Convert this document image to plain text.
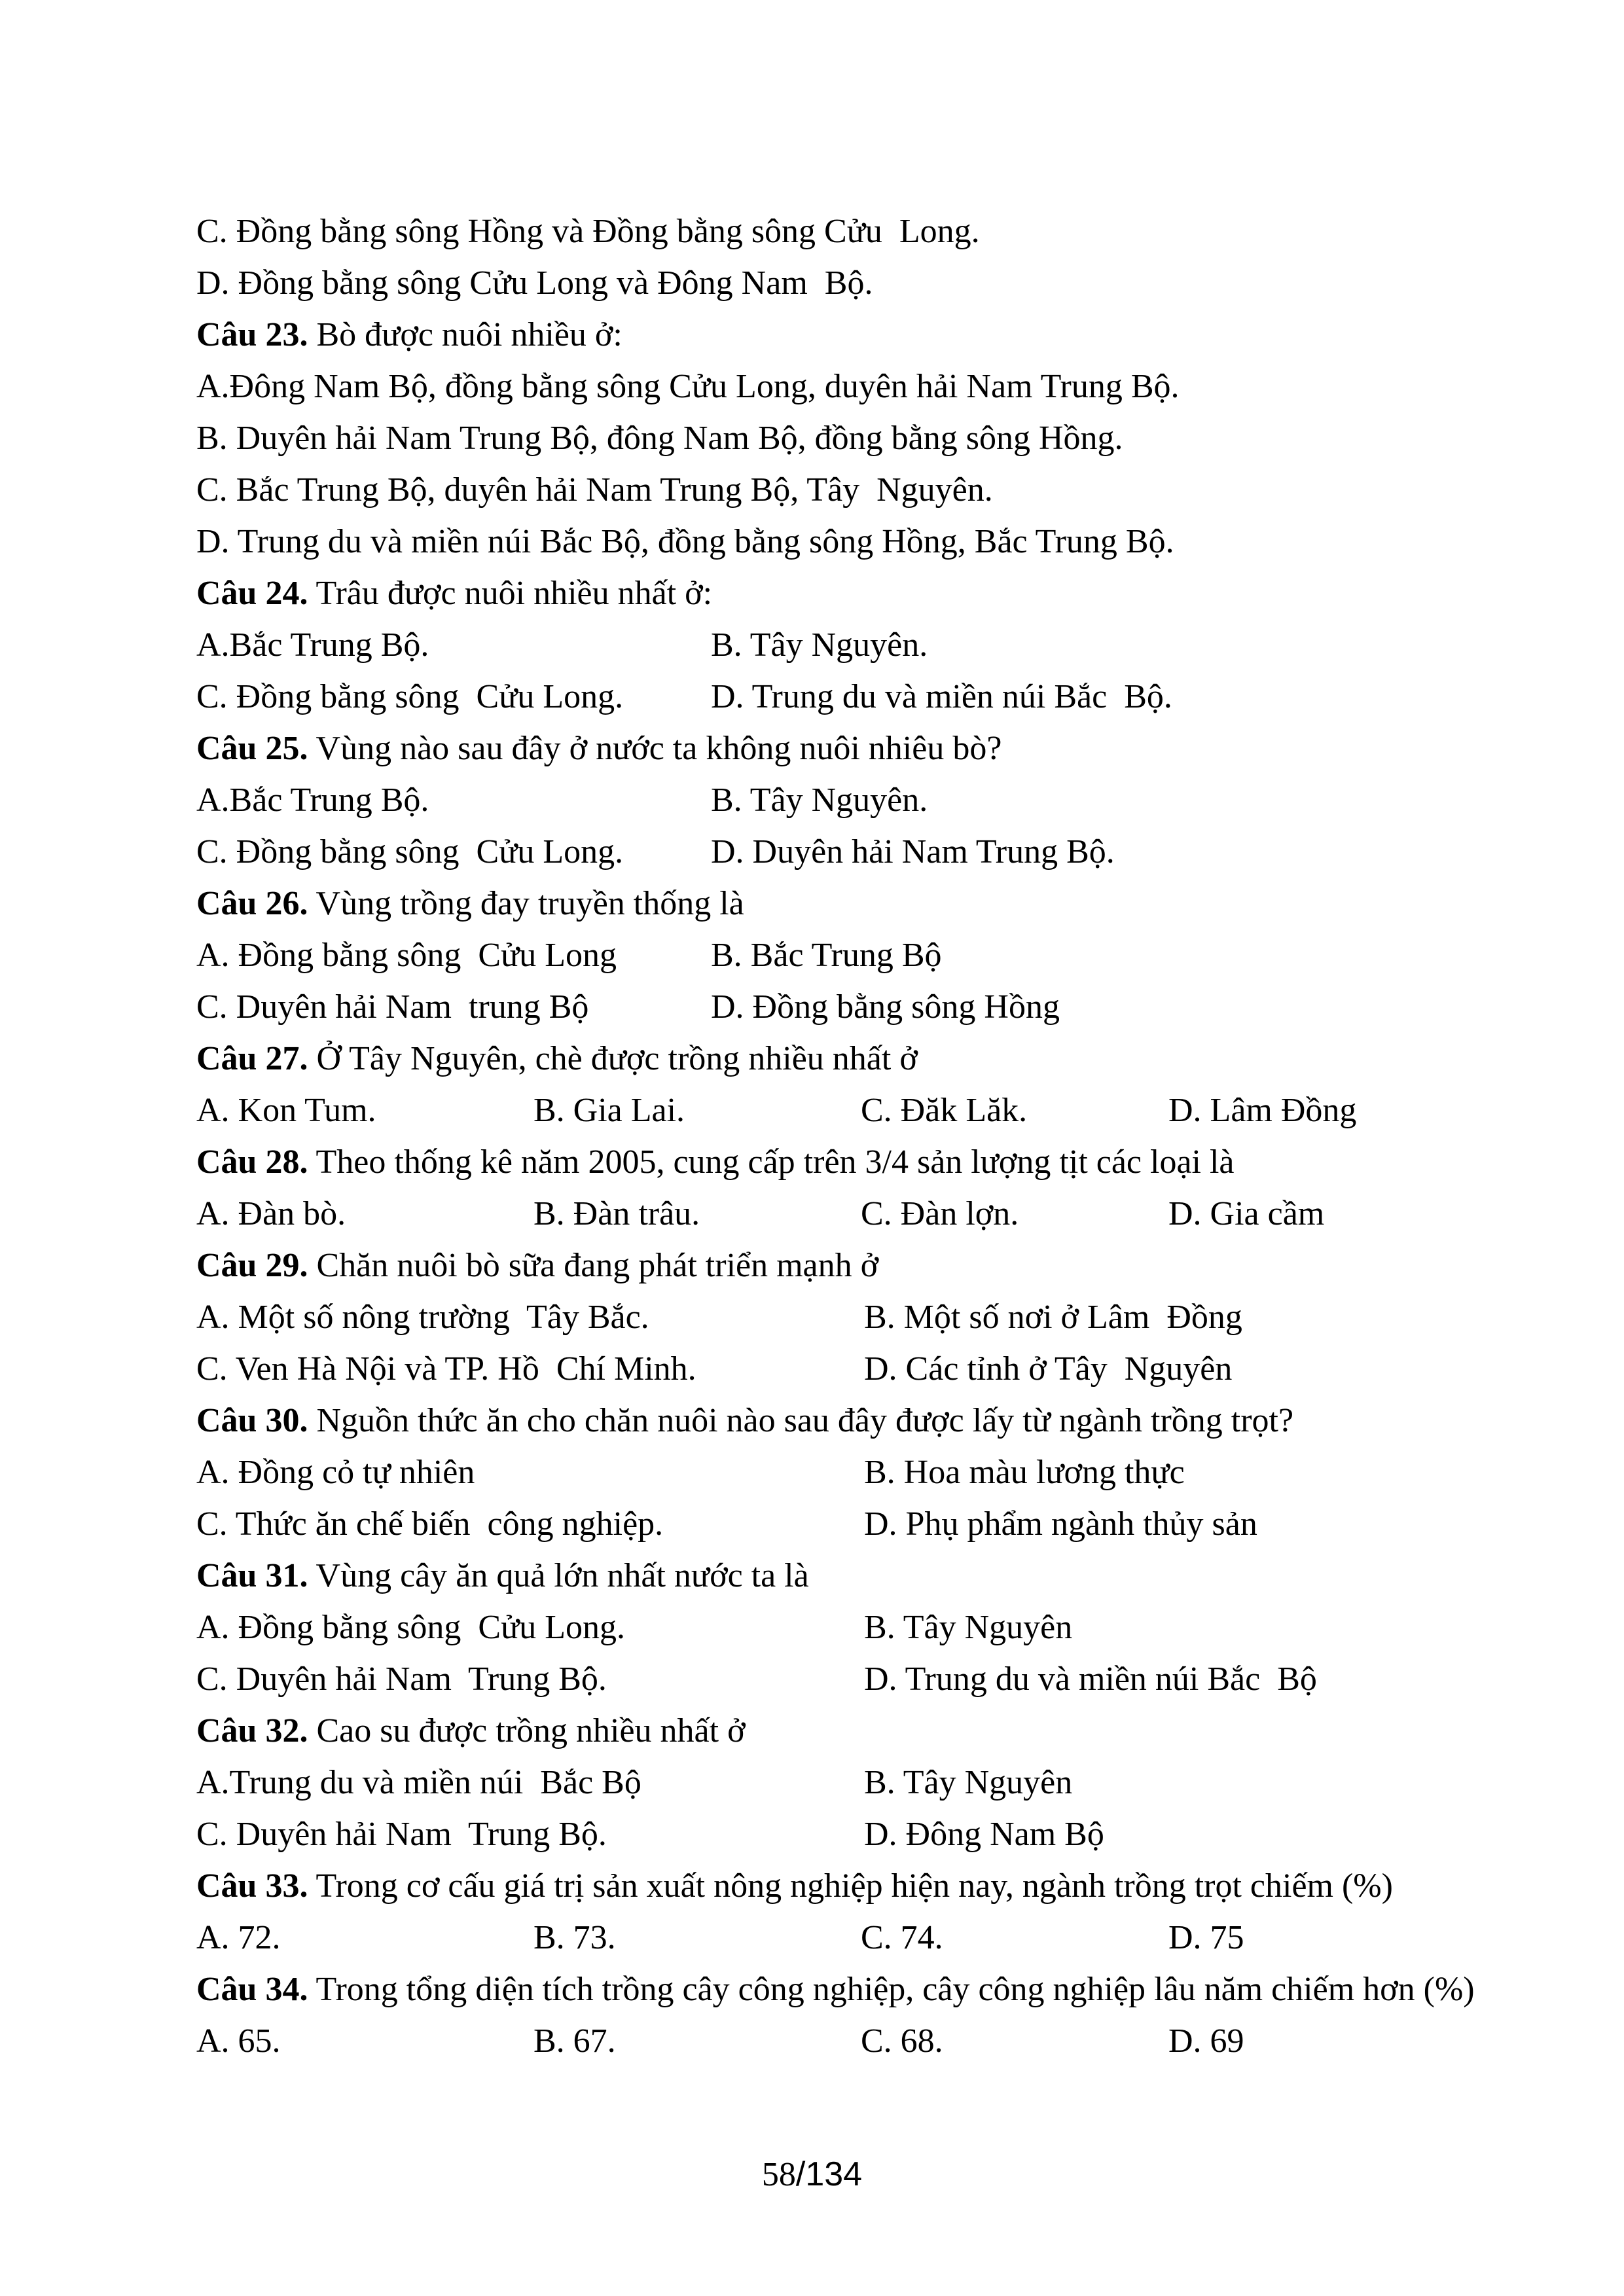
C. Đồng bằng sông Hồng và Đồng bằng sông Cửu  Long.
D. Đồng bằng sông Cửu Long và Đông Nam  Bộ.
Câu 23. Bò được nuôi nhiều ở:
A.Đông Nam Bộ, đồng bằng sông Cửu Long, duyên hải Nam Trung Bộ.
B. Duyên hải Nam Trung Bộ, đông Nam Bộ, đồng bằng sông Hồng.
C. Bắc Trung Bộ, duyên hải Nam Trung Bộ, Tây  Nguyên.
D. Trung du và miền núi Bắc Bộ, đồng bằng sông Hồng, Bắc Trung Bộ.
Câu 24. Trâu được nuôi nhiều nhất ở:
A.Bắc Trung Bộ.	B. Tây Nguyên.
C. Đồng bằng sông  Cửu Long.	D. Trung du và miền núi Bắc  Bộ.
Câu 25. Vùng nào sau đây ở nước ta không nuôi nhiêu bò?
A.Bắc Trung Bộ.	B. Tây Nguyên.
C. Đồng bằng sông  Cửu Long.	D. Duyên hải Nam Trung Bộ.
Câu 26. Vùng trồng đay truyền thống là
A. Đồng bằng sông  Cửu Long	B. Bắc Trung Bộ
C. Duyên hải Nam  trung Bộ	D. Đồng bằng sông Hồng
Câu 27. Ở Tây Nguyên, chè được trồng nhiều nhất ở
A. Kon Tum.	B. Gia Lai.	C. Đăk Lăk.	D. Lâm Đồng
Câu 28. Theo thống kê năm 2005, cung cấp trên 3/4 sản lượng tịt các loại là
A. Đàn bò.	B. Đàn trâu.	C. Đàn lợn.	D. Gia cầm
Câu 29. Chăn nuôi bò sữa đang phát triển mạnh ở
A. Một số nông trường  Tây Bắc.	B. Một số nơi ở Lâm  Đồng
C. Ven Hà Nội và TP. Hồ  Chí Minh.	D. Các tỉnh ở Tây  Nguyên
Câu 30. Nguồn thức ăn cho chăn nuôi nào sau đây được lấy từ ngành trồng trọt?
A. Đồng cỏ tự nhiên	B. Hoa màu lương thực
C. Thức ăn chế biến  công nghiệp.	D. Phụ phẩm ngành thủy sản
Câu 31. Vùng cây ăn quả lớn nhất nước ta là
A. Đồng bằng sông  Cửu Long.	B. Tây Nguyên
C. Duyên hải Nam  Trung Bộ.	D. Trung du và miền núi Bắc  Bộ
Câu 32. Cao su được trồng nhiều nhất ở
A.Trung du và miền núi  Bắc Bộ	B. Tây Nguyên
C. Duyên hải Nam  Trung Bộ.	D. Đông Nam Bộ
Câu 33. Trong cơ cấu giá trị sản xuất nông nghiệp hiện nay, ngành trồng trọt chiếm (%)
A. 72.	B. 73.	C. 74.	D. 75
Câu 34. Trong tổng diện tích trồng cây công nghiệp, cây công nghiệp lâu năm chiếm hơn (%)
A. 65.	B. 67.	C. 68.	D. 69
58/134
